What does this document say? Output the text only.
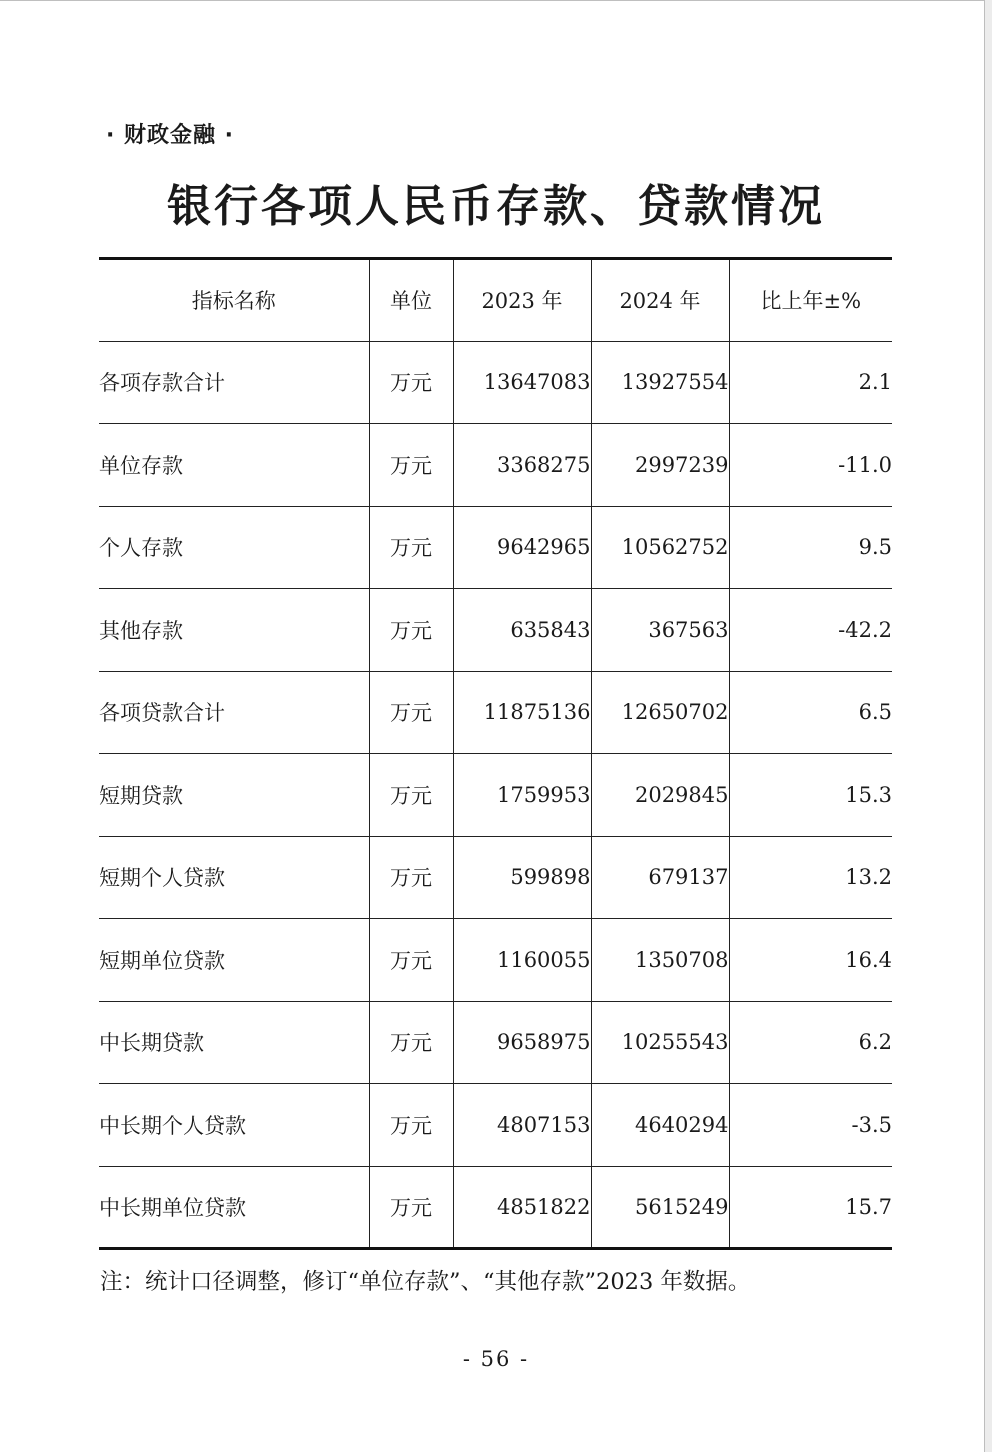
· 财政金融 ·
银行各项人民币存款、贷款情况
指标名称	单位	2023 年	2024 年	比上年±%
各项存款合计	万元	13647083	13927554	2.1
单位存款	万元	3368275	2997239	-11.0
个人存款	万元	9642965	10562752	9.5
其他存款	万元	635843	367563	-42.2
各项贷款合计	万元	11875136	12650702	6.5
短期贷款	万元	1759953	2029845	15.3
短期个人贷款	万元	599898	679137	13.2
短期单位贷款	万元	1160055	1350708	16.4
中长期贷款	万元	9658975	10255543	6.2
中长期个人贷款	万元	4807153	4640294	-3.5
中长期单位贷款	万元	4851822	5615249	15.7
注：统计口径调整，修订“单位存款”、“其他存款”2023 年数据。
- 56 -
